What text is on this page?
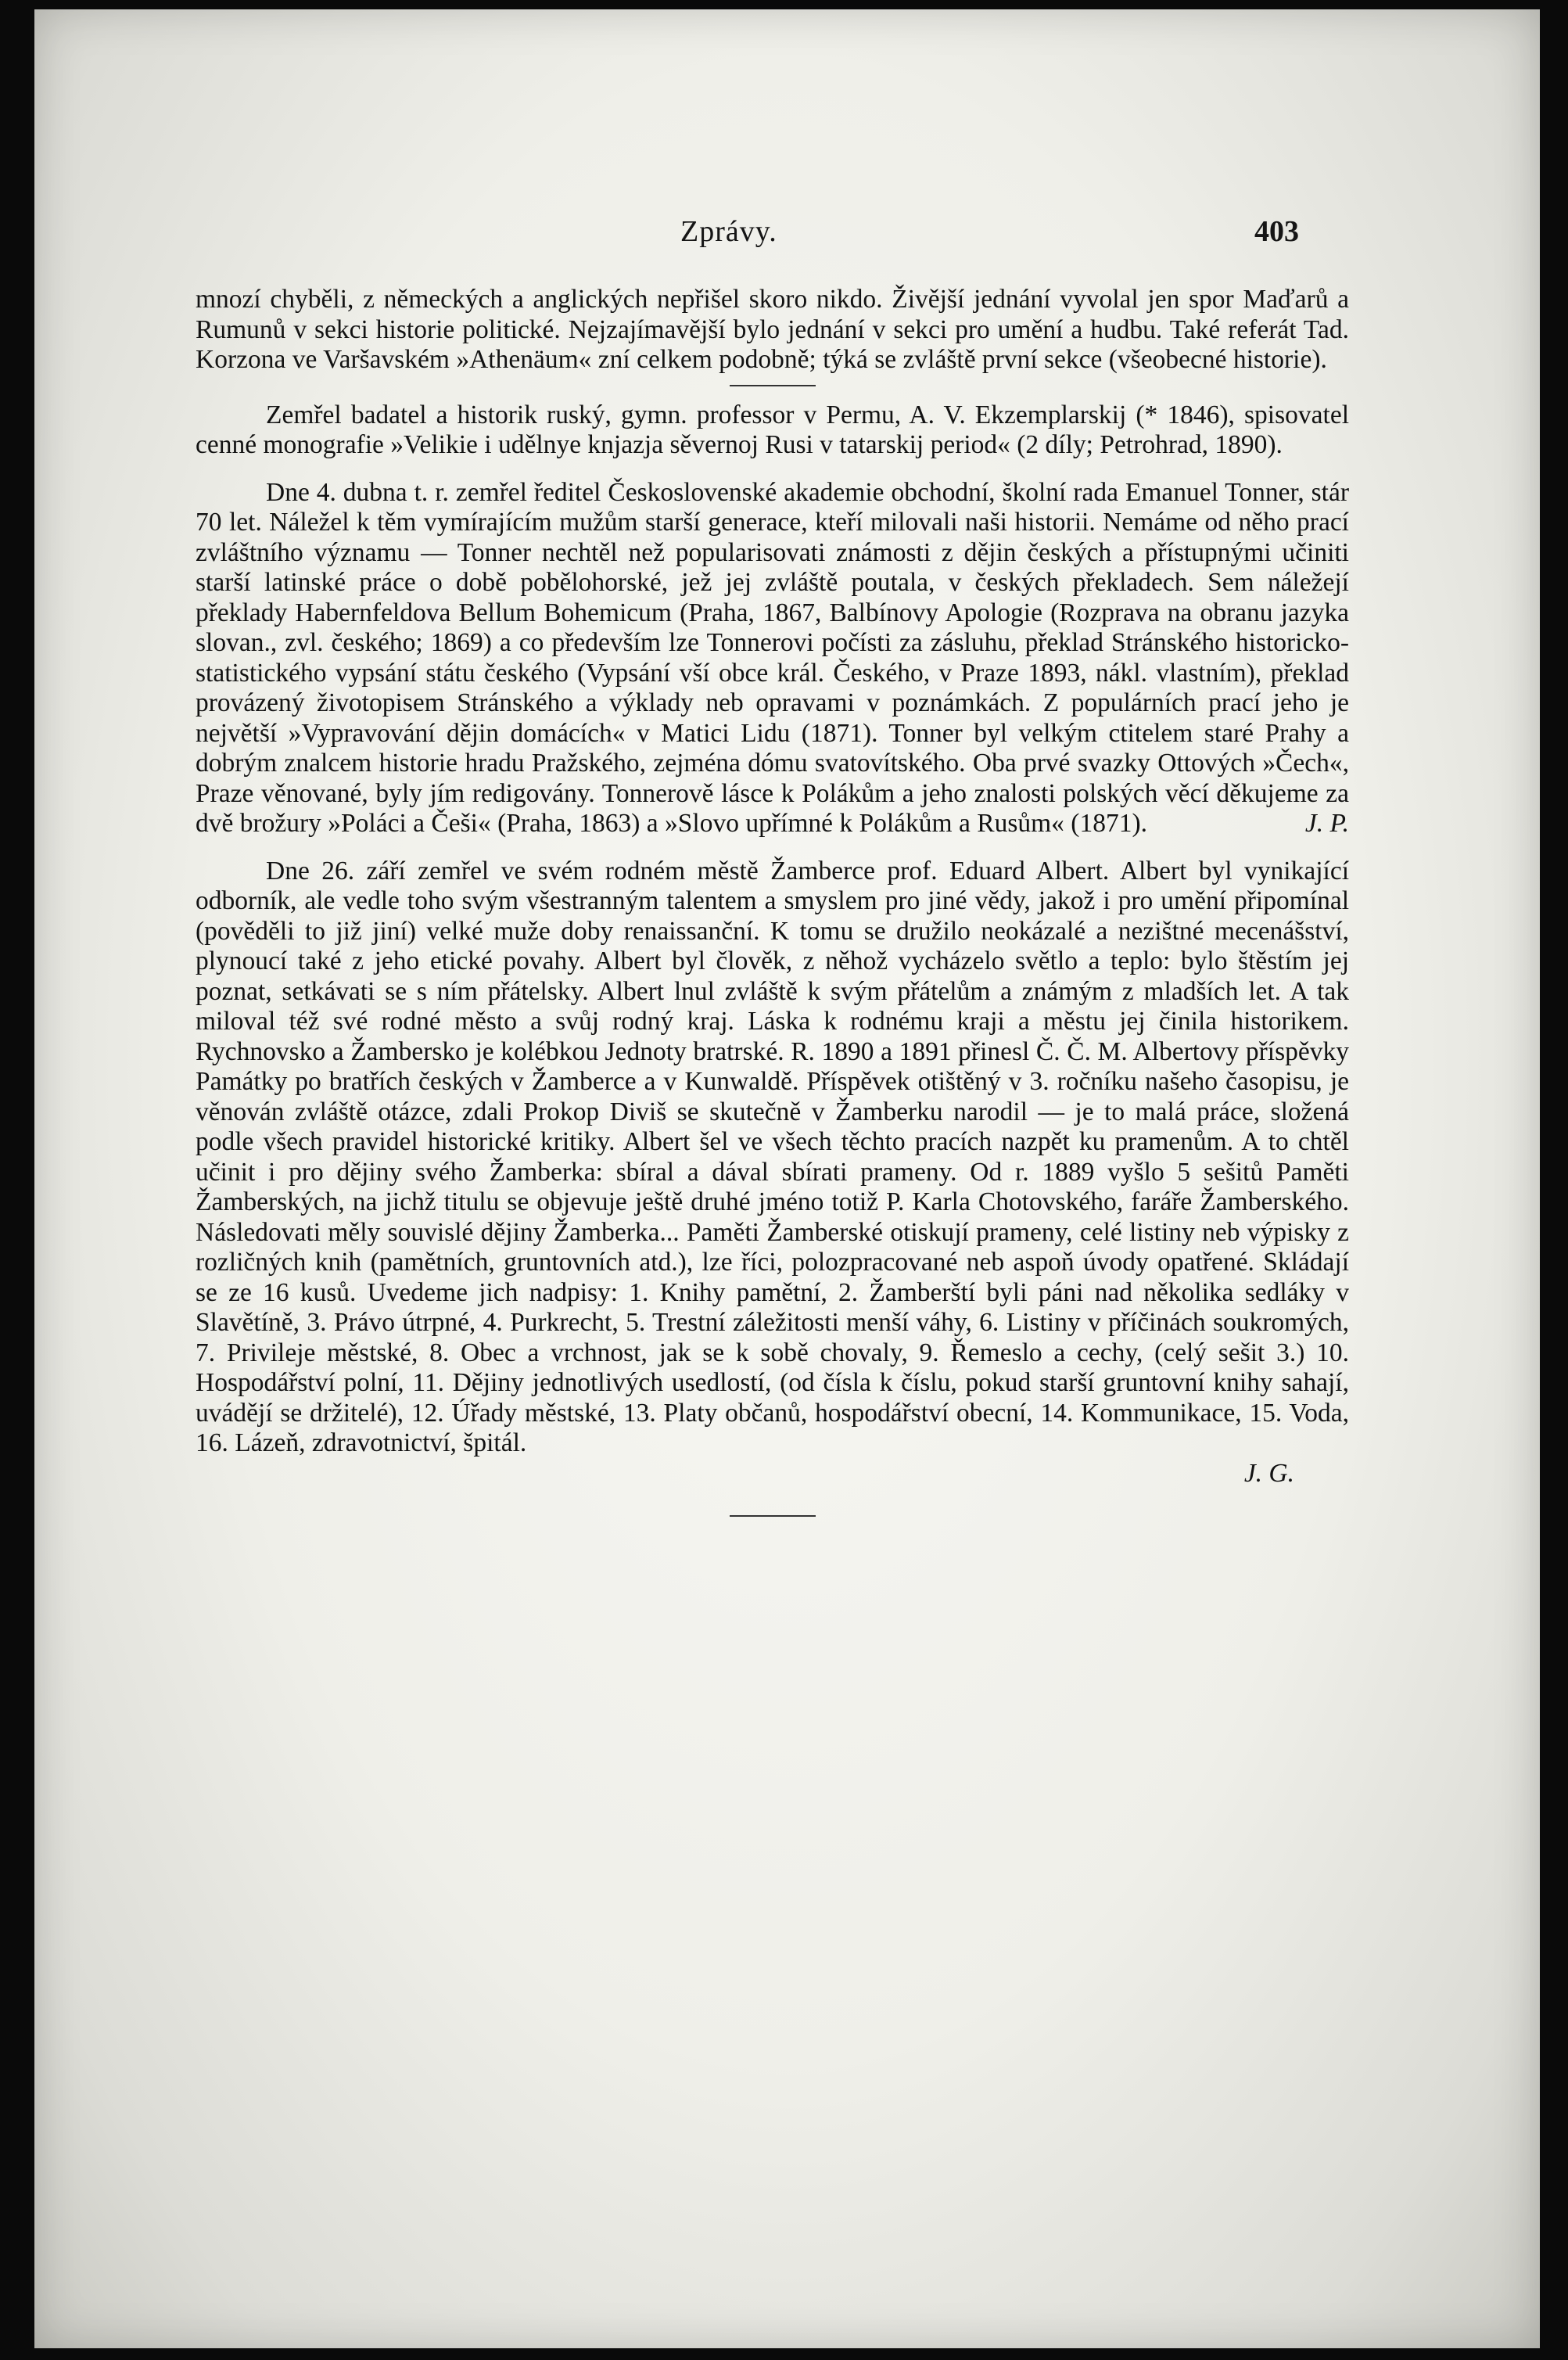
Zprávy.	403

mnozí chyběli, z německých a anglických nepřišel skoro nikdo. Živější jednání vyvolal jen spor Maďarů a Rumunů v sekci historie politické. Nejzajímavější bylo jednání v sekci pro umění a hudbu. Také referát Tad. Korzona ve Varšavském »Athenäum« zní celkem podobně; týká se zvláště první sekce (všeobecné historie).

Zemřel badatel a historik ruský, gymn. professor v Permu, A. V. Ekzemplarskij (* 1846), spisovatel cenné monografie »Velikie i udělnye knjazja sěvernoj Rusi v tatarskij period« (2 díly; Petrohrad, 1890).

Dne 4. dubna t. r. zemřel ředitel Československé akademie obchodní, školní rada Emanuel Tonner, stár 70 let. Náležel k těm vymírajícím mužům starší generace, kteří milovali naši historii. Nemáme od něho prací zvláštního významu — Tonner nechtěl než popularisovati známosti z dějin českých a přístupnými učiniti starší latinské práce o době pobělohorské, jež jej zvláště poutala, v českých překladech. Sem náležejí překlady Habernfeldova Bellum Bohemicum (Praha, 1867, Balbínovy Apologie (Rozprava na obranu jazyka slovan., zvl. českého; 1869) a co především lze Tonnerovi počísti za zásluhu, překlad Stránského historicko-statistického vypsání státu českého (Vypsání vší obce král. Českého, v Praze 1893, nákl. vlastním), překlad provázený životopisem Stránského a výklady neb opravami v poznámkách. Z populárních prací jeho je největší »Vypravování dějin domácích« v Matici Lidu (1871). Tonner byl velkým ctitelem staré Prahy a dobrým znalcem historie hradu Pražského, zejména dómu svatovítského. Oba prvé svazky Ottových »Čech«, Praze věnované, byly jím redigovány. Tonnerově lásce k Polákům a jeho znalosti polských věcí děkujeme za dvě brožury »Poláci a Češi« (Praha, 1863) a »Slovo upřímné k Polákům a Rusům« (1871).	J. P.

Dne 26. září zemřel ve svém rodném městě Žamberce prof. Eduard Albert. Albert byl vynikající odborník, ale vedle toho svým všestranným talentem a smyslem pro jiné vědy, jakož i pro umění připomínal (pověděli to již jiní) velké muže doby renaissanční. K tomu se družilo neokázalé a nezištné mecenášství, plynoucí také z jeho etické povahy. Albert byl člověk, z něhož vycházelo světlo a teplo: bylo štěstím jej poznat, setkávati se s ním přátelsky. Albert lnul zvláště k svým přátelům a známým z mladších let. A tak miloval též své rodné město a svůj rodný kraj. Láska k rodnému kraji a městu jej činila historikem. Rychnovsko a Žambersko je kolébkou Jednoty bratrské. R. 1890 a 1891 přinesl Č. Č. M. Albertovy příspěvky Památky po bratřích českých v Žamberce a v Kunwaldě. Příspěvek otištěný v 3. ročníku našeho časopisu, je věnován zvláště otázce, zdali Prokop Diviš se skutečně v Žamberku narodil — je to malá práce, složená podle všech pravidel historické kritiky. Albert šel ve všech těchto pracích nazpět ku pramenům. A to chtěl učinit i pro dějiny svého Žamberka: sbíral a dával sbírati prameny. Od r. 1889 vyšlo 5 sešitů Paměti Žamberských, na jichž titulu se objevuje ještě druhé jméno totiž P. Karla Chotovského, faráře Žamberského. Následovati měly souvislé dějiny Žamberka... Paměti Žamberské otiskují prameny, celé listiny neb výpisky z rozličných knih (pamětních, gruntovních atd.), lze říci, polozpracované neb aspoň úvody opatřené. Skládají se ze 16 kusů. Uvedeme jich nadpisy: 1. Knihy pamětní, 2. Žamberští byli páni nad několika sedláky v Slavětíně, 3. Právo útrpné, 4. Purkrecht, 5. Trestní záležitosti menší váhy, 6. Listiny v příčinách soukromých, 7. Privileje městské, 8. Obec a vrchnost, jak se k sobě chovaly, 9. Řemeslo a cechy, (celý sešit 3.) 10. Hospodářství polní, 11. Dějiny jednotlivých usedlostí, (od čísla k číslu, pokud starší gruntovní knihy sahají, uvádějí se držitelé), 12. Úřady městské, 13. Platy občanů, hospodářství obecní, 14. Kommunikace, 15. Voda, 16. Lázeň, zdravotnictví, špitál.

J. G.
